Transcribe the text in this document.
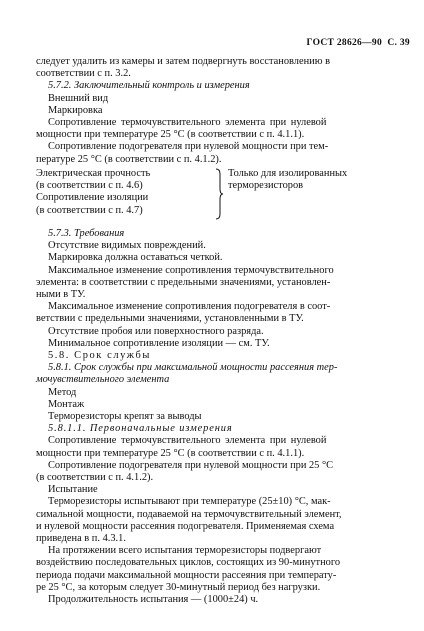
ГОСТ 28626—90 С. 39

следует удалить из камеры и затем подвергнуть восстановлению в

соответствии с п. 3.2.

5.7.2. Заключительный контроль и измерения

Внешний вид

Маркировка

Сопротивление термочувствительного элемента при нулевой

мощности при температуре 25 °С (в соответствии с п. 4.1.1).

Сопротивление подогревателя при нулевой мощности при тем-

пературе 25 °С (в соответствии с п. 4.1.2).

Электрическая прочность

(в соответствии с п. 4.6)

Сопротивление изоляции

(в соответствии с п. 4.7)

Только для изолированных

терморезисторов

5.7.3. Требования

Отсутствие видимых повреждений.

Маркировка должна оставаться четкой.

Максимальное изменение сопротивления термочувствительного

элемента: в соответствии с предельными значениями, установлен-

ными в ТУ.

Максимальное изменение сопротивления подогревателя в соот-

ветствии с предельными значениями, установленными в ТУ.

Отсутствие пробоя или поверхностного разряда.

Минимальное сопротивление изоляции — см. ТУ.

5.8. Срок службы

5.8.1. Срок службы при максимальной мощности рассеяния тер-

мочувствительного элемента

Метод

Монтаж

Терморезисторы крепят за выводы

5.8.1.1. Первоначальные измерения

Сопротивление термочувствительного элемента при нулевой

мощности при температуре 25 °С (в соответствии с п. 4.1.1).

Сопротивление подогревателя при нулевой мощности при 25 °С

(в соответствии с п. 4.1.2).

Испытание

Терморезисторы испытывают при температуре (25±10) °С, мак-

симальной мощности, подаваемой на термочувствительный элемент,

и нулевой мощности рассеяния подогревателя. Применяемая схема

приведена в п. 4.3.1.

На протяжении всего испытания терморезисторы подвергают

воздействию последовательных циклов, состоящих из 90-минутного

периода подачи максимальной мощности рассеяния при температу-

ре 25 °С, за которым следует 30-минутный период без нагрузки.

Продолжительность испытания — (1000±24) ч.
